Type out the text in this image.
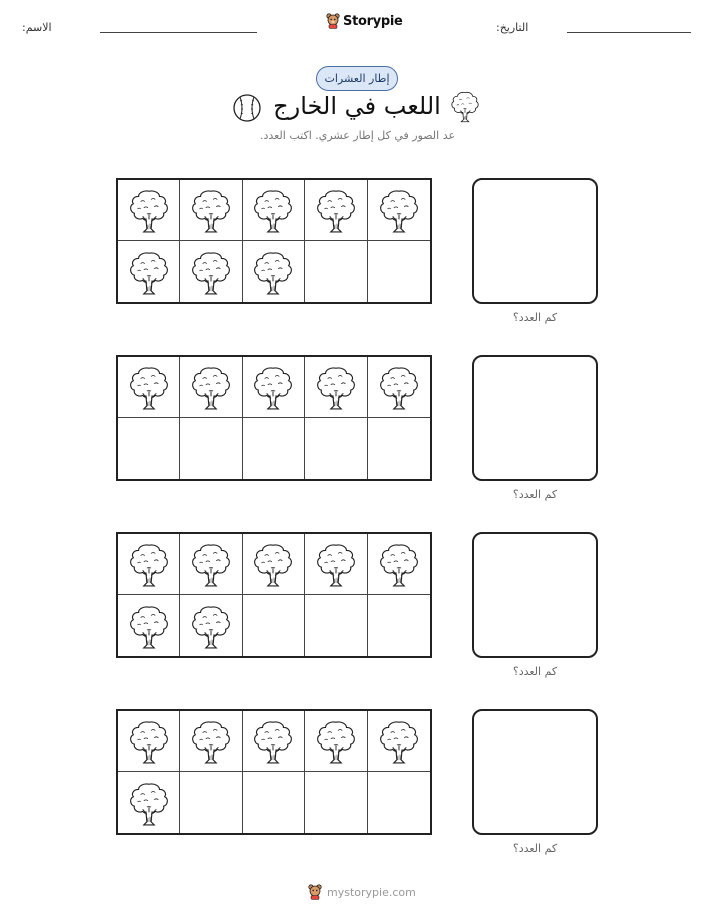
الاسم:	Storypie	التاريخ:
إطار العشرات
اللعب في الخارج
عد الصور في كل إطار عشري. اكتب العدد.
كم العدد؟
كم العدد؟
كم العدد؟
كم العدد؟
mystorypie.com
